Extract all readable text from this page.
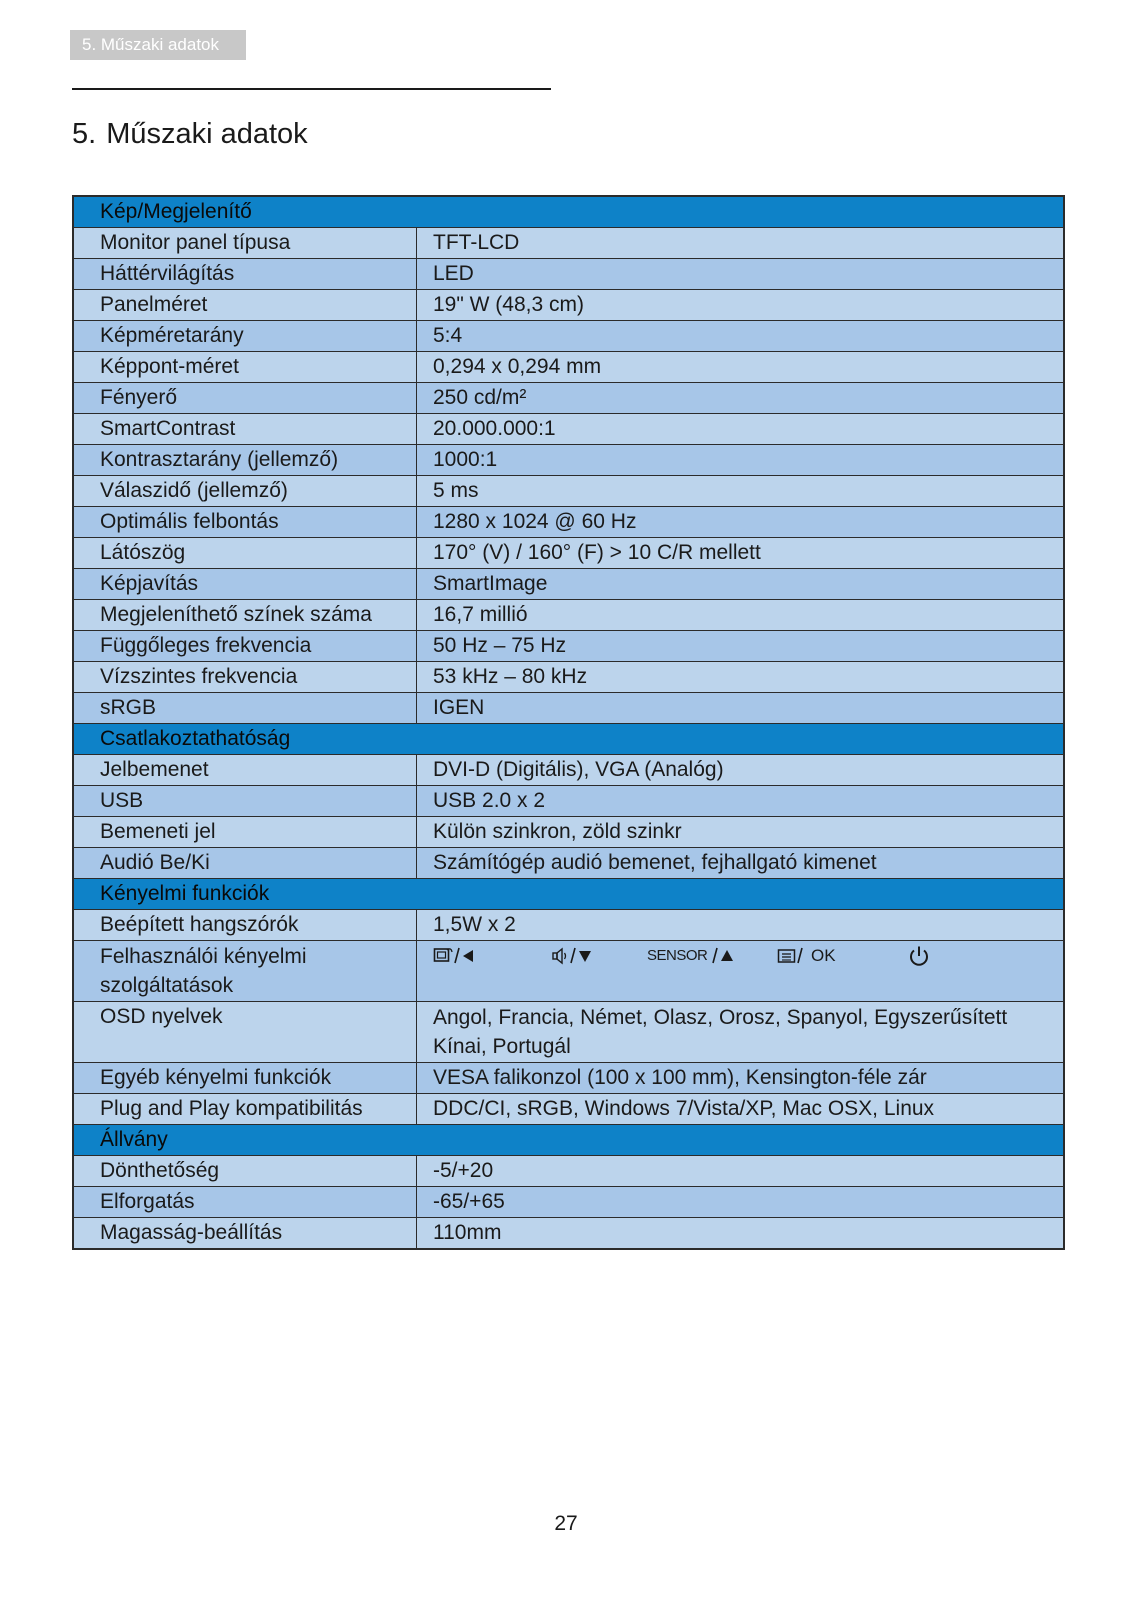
5. Műszaki adatok
5. Műszaki adatok
Kép/Megjelenítő	
Monitor panel típusa	TFT-LCD
Háttérvilágítás	LED
Panelméret	19" W (48,3 cm)
Képméretarány	5:4
Képpont-méret	0,294 x 0,294 mm
Fényerő	250 cd/m²
SmartContrast	20.000.000:1
Kontrasztarány (jellemző)	1000:1
Válaszidő (jellemző)	5 ms
Optimális felbontás	1280 x 1024 @ 60 Hz
Látószög	170° (V) / 160° (F) > 10 C/R mellett
Képjavítás	SmartImage
Megjeleníthető színek száma	16,7 millió
Függőleges frekvencia	50 Hz – 75 Hz
Vízszintes frekvencia	53 kHz – 80 kHz
sRGB	IGEN
Csatlakoztathatóság	
Jelbemenet	DVI-D (Digitális), VGA (Analóg)
USB	USB 2.0 x 2
Bemeneti jel	Külön szinkron, zöld szinkr
Audió Be/Ki	Számítógép audió bemenet, fejhallgató kimenet
Kényelmi funkciók	
Beépített hangszórók	1,5W x 2
Felhasználói kényelmi szolgáltatások	SENSOR OK

OSD nyelvek	Angol, Francia, Német, Olasz, Orosz, Spanyol, Egyszerűsített Kínai, Portugál
Egyéb kényelmi funkciók	VESA falikonzol (100 x 100 mm), Kensington-féle zár
Plug and Play kompatibilitás	DDC/CI, sRGB, Windows 7/Vista/XP, Mac OSX, Linux
Állvány	
Dönthetőség	-5/+20
Elforgatás	-65/+65
Magasság-beállítás	110mm
27
